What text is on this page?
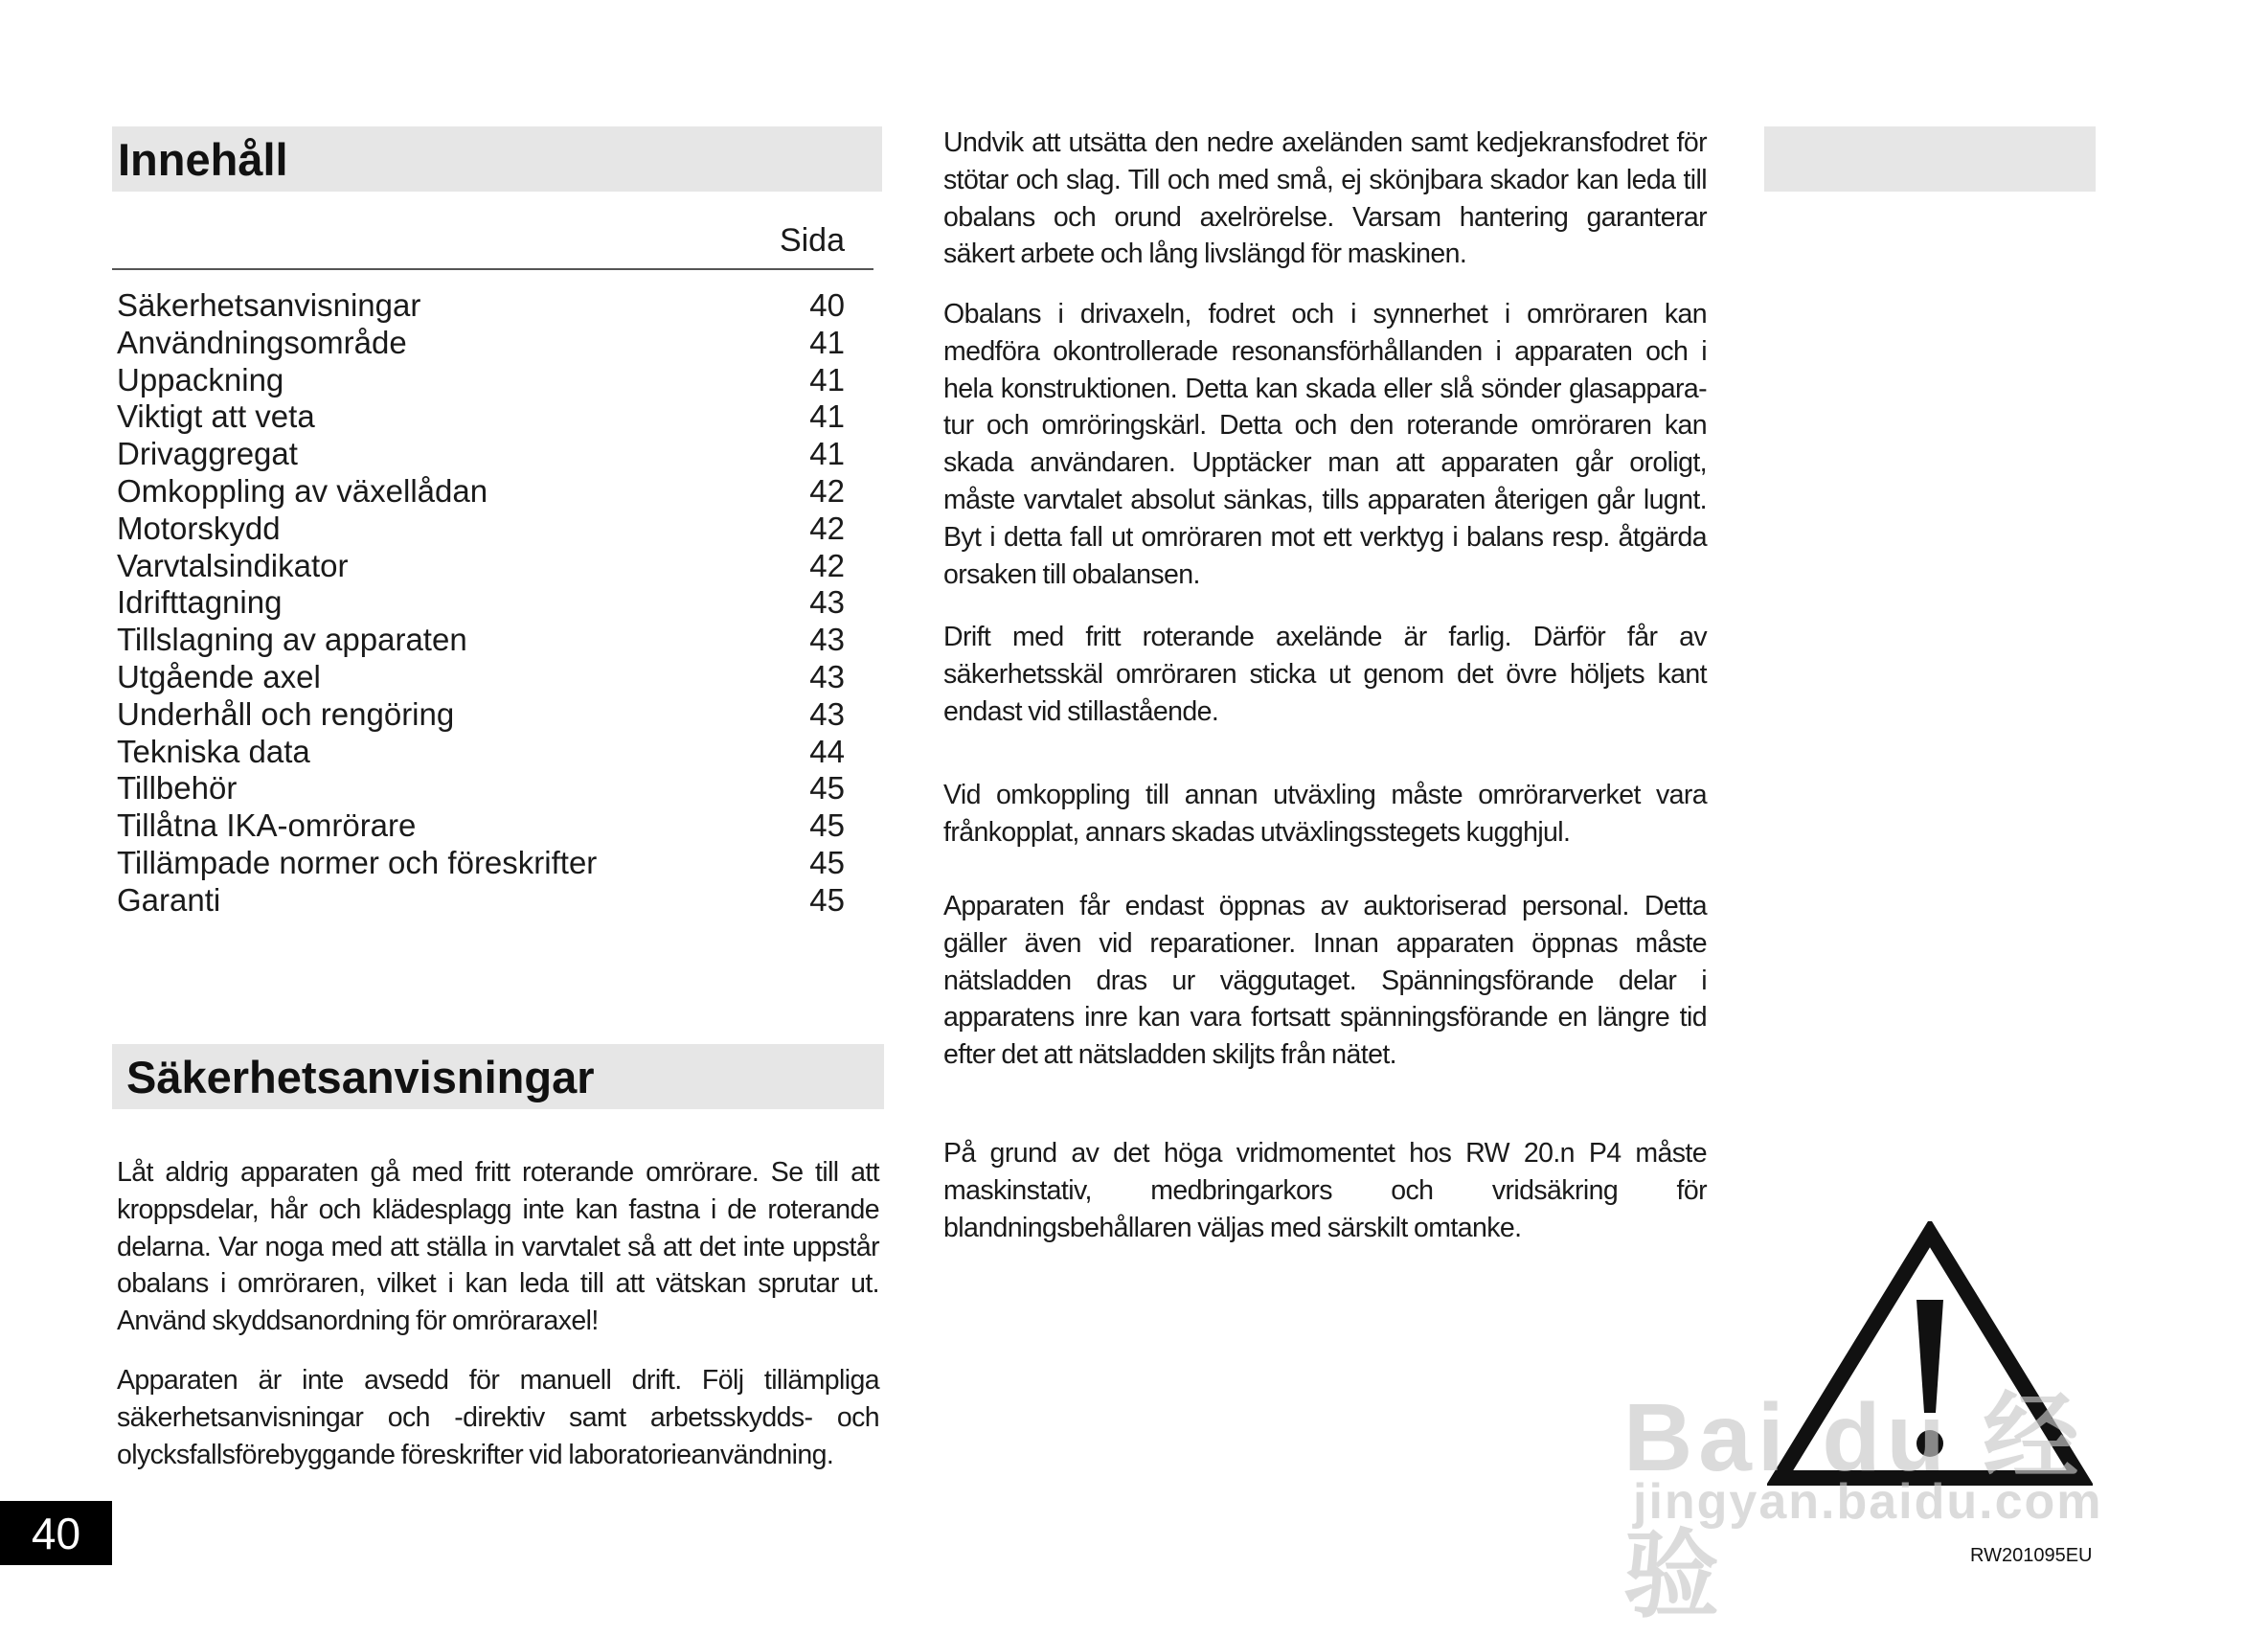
Innehåll
Sida
Säkerhetsanvisningar	40
Användningsområde	41
Uppackning	41
Viktigt att veta	41
Drivaggregat	41
Omkoppling av växellådan	42
Motorskydd	42
Varvtalsindikator	42
Idrifttagning	43
Tillslagning av apparaten	43
Utgående axel	43
Underhåll och rengöring	43
Tekniska data	44
Tillbehör	45
Tillåtna IKA-omrörare	45
Tillämpade normer och föreskrifter	45
Garanti	45
Säkerhetsanvisningar

Låt aldrig apparaten gå med fritt roterande omrörare. Se till att kroppsdelar, hår och klädesplagg inte kan fastna i de roterande delarna. Var noga med att ställa in varvtalet så att det inte uppstår obalans i omröraren, vilket i kan leda till att vätskan sprutar ut. Använd skyddsanordning för omröraraxel!

Apparaten är inte avsedd för manuell drift. Följ tillämpliga säkerhetsanvisningar och -direktiv samt arbetsskydds- och olycksfallsförebyggande föreskrifter vid laboratorieanvändning.

Undvik att utsätta den nedre axeländen samt kedjekransfodret för stötar och slag. Till och med små, ej skönjbara skador kan leda till obalans och orund axelrörelse. Varsam hantering garanterar säkert arbete och lång livslängd för maskinen.

Obalans i drivaxeln, fodret och i synnerhet i omröraren kan medföra okontrollerade resonansförhållanden i apparaten och i hela konstruktionen. Detta kan skada eller slå sönder glasappara-tur och omröringskärl. Detta och den roterande omröraren kan skada användaren. Upptäcker man att apparaten går oroligt, måste varvtalet absolut sänkas, tills apparaten återigen går lugnt. Byt i detta fall ut omröraren mot ett verktyg i balans resp. åtgärda orsaken till obalansen.

Drift med fritt roterande axelände är farlig. Därför får av säkerhetsskäl omröraren sticka ut genom det övre höljets kant endast vid stillastående.

Vid omkoppling till annan utväxling måste omrörarverket vara frånkopplat, annars skadas utväxlingsstegets kugghjul.

Apparaten får endast öppnas av auktoriserad personal. Detta gäller även vid reparationer. Innan apparaten öppnas måste nätsladden dras ur väggutaget. Spänningsförande delar i apparatens inre kan vara fortsatt spänningsförande en längre tid efter det att nätsladden skiljts från nätet.

På grund av det höga vridmomentet hos RW 20.n P4 måste maskinstativ, medbringarkors och vridsäkring för blandningsbehållaren väljas med särskilt omtanke.

Bai du 经验
jingyan.baidu.com
40	RW201095EU
